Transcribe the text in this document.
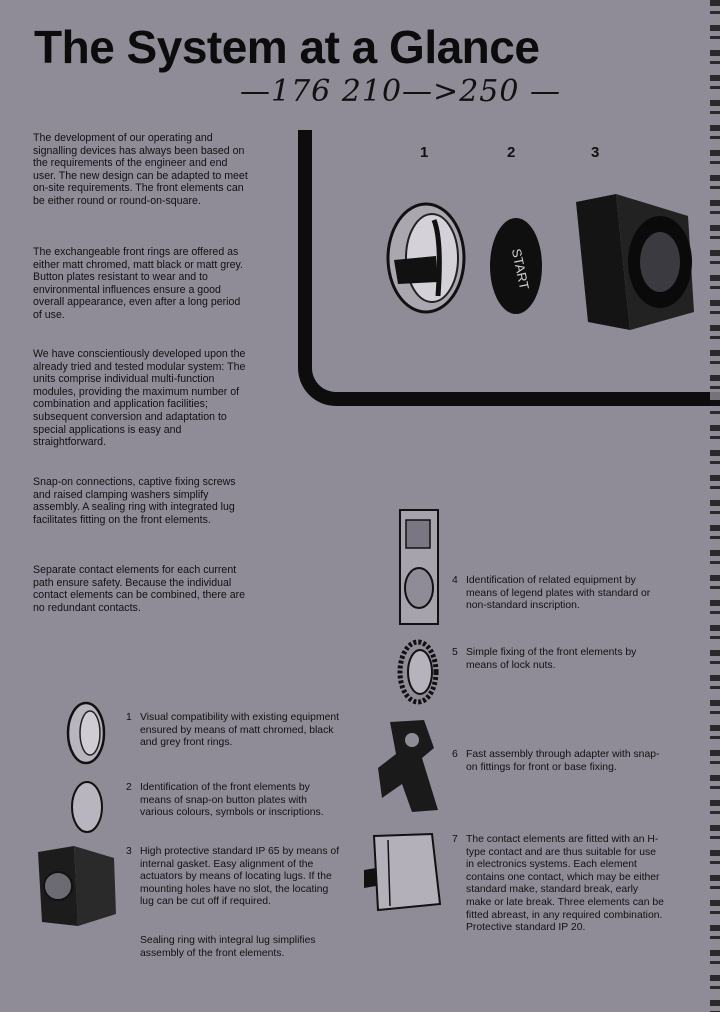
The System at a Glance
—176 210—>250 —

The development of our operating and signalling devices has always been based on the requirements of the engineer and end user. The new design can be adapted to meet on-site requirements. The front elements can be either round or round-on-square.

The exchangeable front rings are offered as either matt chromed, matt black or matt grey. Button plates resistant to wear and to environmental influences ensure a good overall appearance, even after a long period of use.

We have conscientiously developed upon the already tried and tested modular system: The units comprise individual multi-function modules, providing the maximum number of combination and application facilities; subsequent conversion and adaptation to special applications is easy and straightforward.

Snap-on connections, captive fixing screws and raised clamping washers simplify assembly. A sealing ring with integrated lug facilitates fitting on the front elements.

Separate contact elements for each current path ensure safety. Because the individual contact elements can be combined, there are no redundant contacts.

1	2	3
START
4 Identification of related equipment by means of legend plates with standard or non-standard inscription.

5 Simple fixing of the front elements by means of lock nuts.

6 Fast assembly through adapter with snap-on fittings for front or base fixing.

7 The contact elements are fitted with an H-type contact and are thus suitable for use in electronics systems. Each element contains one contact, which may be either standard make, standard break, early make or late break. Three elements can be fitted abreast, in any required combination. Protective standard IP 20.

1 Visual compatibility with existing equipment ensured by means of matt chromed, black and grey front rings.

2 Identification of the front elements by means of snap-on button plates with various colours, symbols or inscriptions.

3 High protective standard IP 65 by means of internal gasket. Easy alignment of the actuators by means of locating lugs. If the mounting holes have no slot, the locating lug can be cut off if required.

Sealing ring with integral lug simplifies assembly of the front elements.
